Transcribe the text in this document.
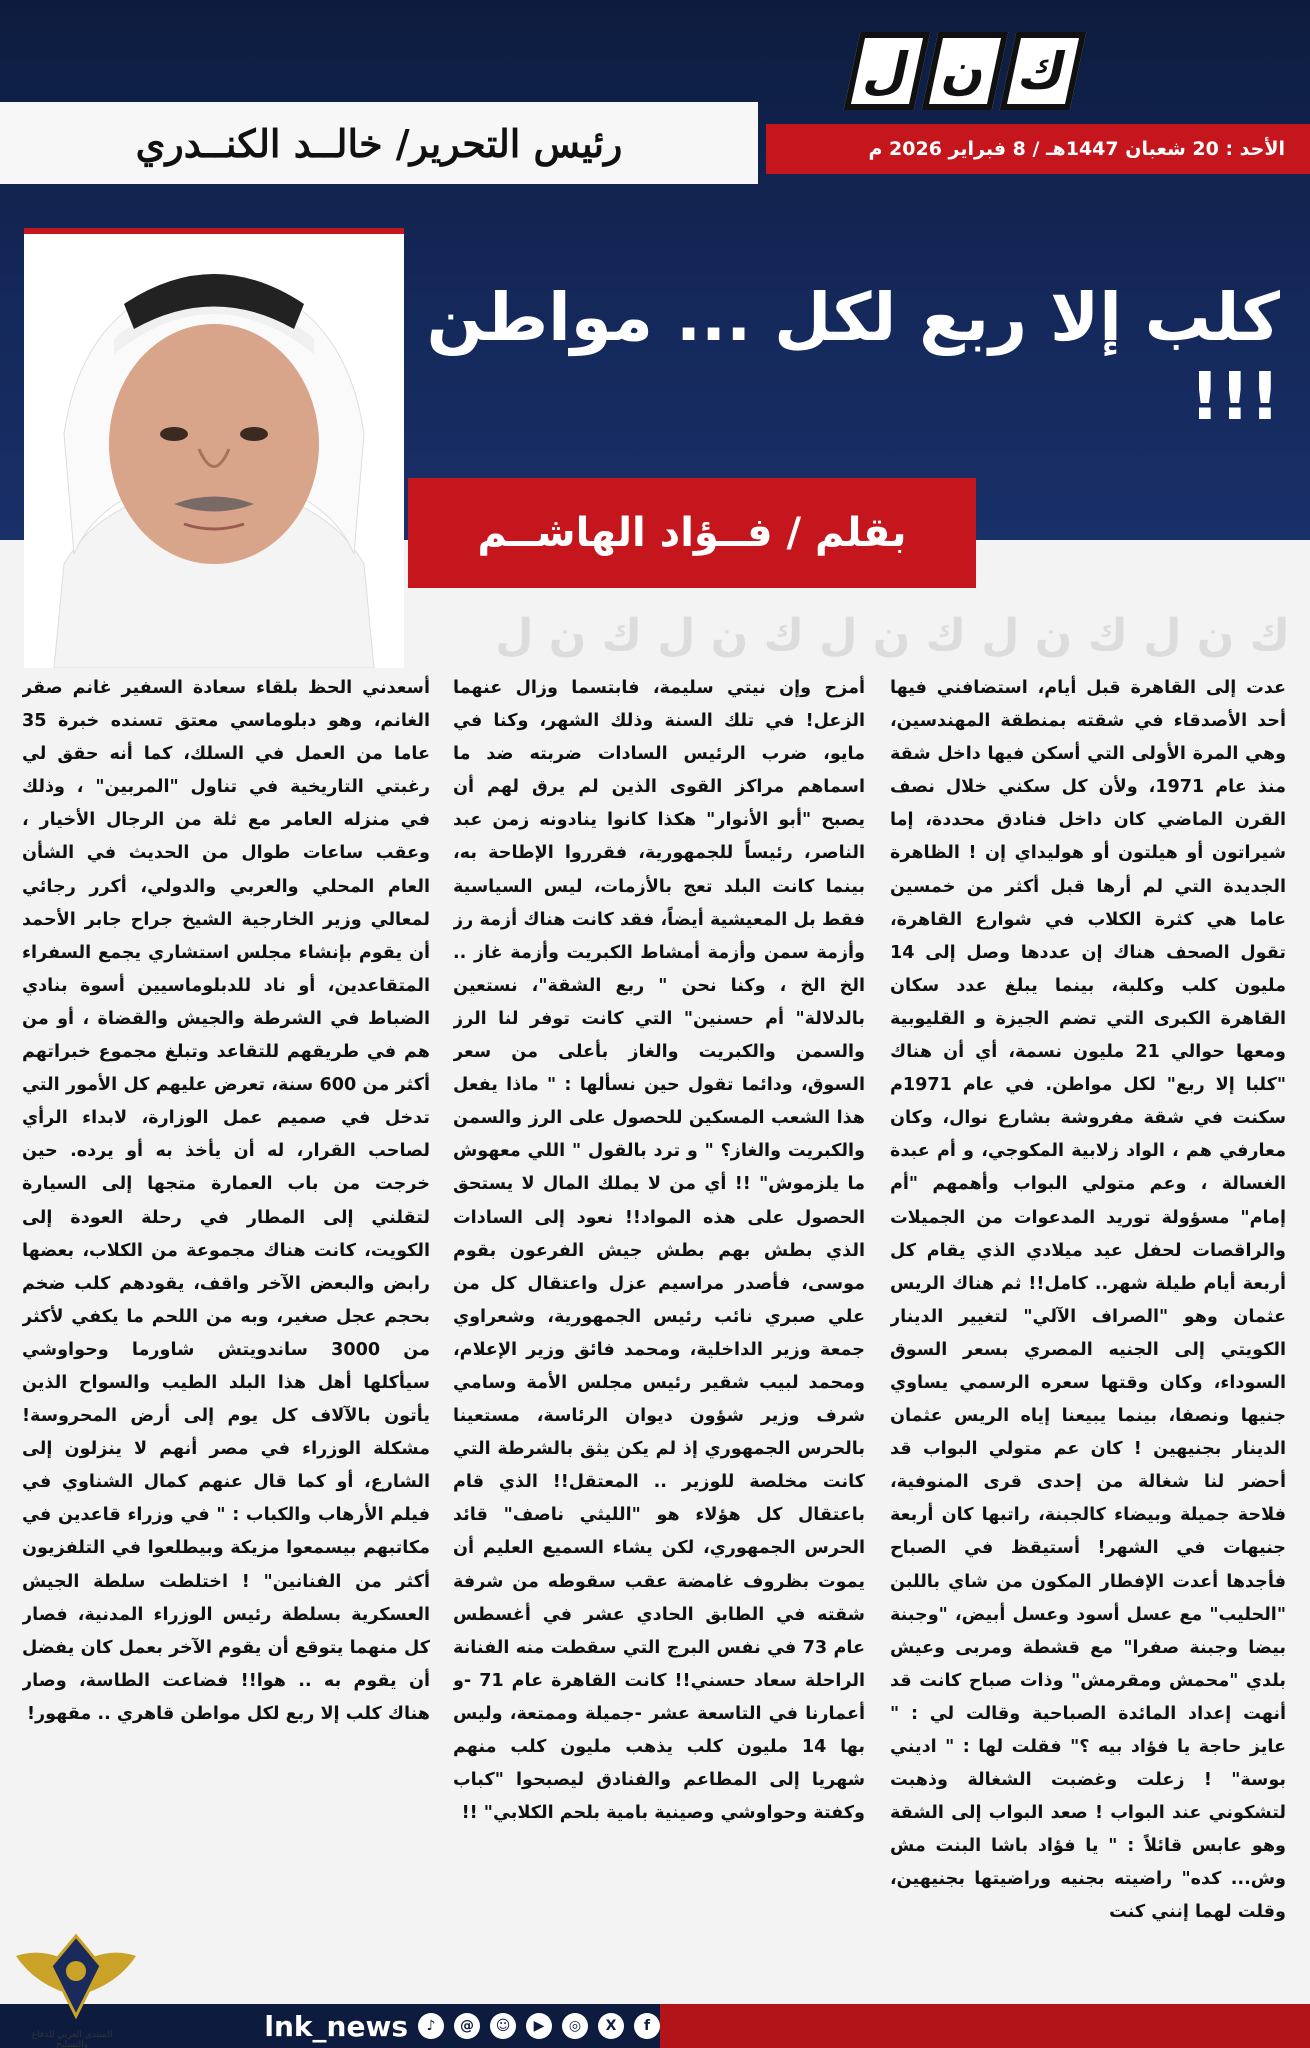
ل ن ك
الأحد : 20 شعبان 1447هـ / 8 فبراير 2026 م
رئيس التحرير/ خالــد الكنــدري
كلب إلا ربع لكل ... مواطن !!!
بقلم / فــؤاد الهاشــم
ك ن ل ك ن ل ك ن ل ك ن ل ك ن ل

عدت إلى القاهرة قبل أيام، استضافني فيها أحد الأصدقاء في شقته بمنطقة المهندسين، وهي المرة الأولى التي أسكن فيها داخل شقة منذ عام 1971، ولأن كل سكني خلال نصف القرن الماضي كان داخل فنادق محددة، إما شيراتون أو هيلتون أو هوليداي إن ! الظاهرة الجديدة التي لم أرها قبل أكثر من خمسين عاما هي كثرة الكلاب في شوارع القاهرة، تقول الصحف هناك إن عددها وصل إلى 14 مليون كلب وكلبة، بينما يبلغ عدد سكان القاهرة الكبرى التي تضم الجيزة و القليوبية ومعها حوالي 21 مليون نسمة، أي أن هناك "كلبا إلا ربع" لكل مواطن. في عام 1971م سكنت في شقة مفروشة بشارع نوال، وكان معارفي هم ، الواد زلابية المكوجي، و أم عبدة الغسالة ، وعم متولي البواب وأهمهم "أم إمام" مسؤولة توريد المدعوات من الجميلات والراقصات لحفل عيد ميلادي الذي يقام كل أربعة أيام طيلة شهر.. كامل!! ثم هناك الريس عثمان وهو "الصراف الآلي" لتغيير الدينار الكويتي إلى الجنيه المصري بسعر السوق السوداء، وكان وقتها سعره الرسمي يساوي جنيها ونصفا، بينما يبيعنا إياه الريس عثمان الدينار بجنيهين ! كان عم متولي البواب قد أحضر لنا شغالة من إحدى قرى المنوفية، فلاحة جميلة وبيضاء كالجبنة، راتبها كان أربعة جنيهات في الشهر! أستيقظ في الصباح فأجدها أعدت الإفطار المكون من شاي باللبن "الحليب" مع عسل أسود وعسل أبيض، "وجبنة بيضا وجبنة صفرا" مع قشطة ومربى وعيش بلدي "محمش ومقرمش" وذات صباح كانت قد أنهت إعداد المائدة الصباحية وقالت لي : " عايز حاجة يا فؤاد بيه ؟" فقلت لها : " اديني بوسة" ! زعلت وغضبت الشغالة وذهبت لتشكوني عند البواب ! صعد البواب إلى الشقة وهو عابس قائلاً : " يا فؤاد باشا البنت مش وش... كده" راضيته بجنيه وراضيتها بجنيهين، وقلت لهما إنني كنت

أمزح وإن نيتي سليمة، فابتسما وزال عنهما الزعل! في تلك السنة وذلك الشهر، وكنا في مايو، ضرب الرئيس السادات ضربته ضد ما اسماهم مراكز القوى الذين لم يرق لهم أن يصبح "أبو الأنوار" هكذا كانوا ينادونه زمن عبد الناصر، رئيساً للجمهورية، فقرروا الإطاحة به، بينما كانت البلد تعج بالأزمات، ليس السياسية فقط بل المعيشية أيضاً، فقد كانت هناك أزمة رز وأزمة سمن وأزمة أمشاط الكبريت وأزمة غاز .. الخ الخ ، وكنا نحن " ربع الشقة"، نستعين بالدلالة" أم حسنين" التي كانت توفر لنا الرز والسمن والكبريت والغاز بأعلى من سعر السوق، ودائما تقول حين نسألها : " ماذا يفعل هذا الشعب المسكين للحصول على الرز والسمن والكبريت والغاز؟ " و ترد بالقول " اللي معهوش ما يلزموش" !! أي من لا يملك المال لا يستحق الحصول على هذه المواد!! نعود إلى السادات الذي بطش بهم بطش جيش الفرعون بقوم موسى، فأصدر مراسيم عزل واعتقال كل من علي صبري نائب رئيس الجمهورية، وشعراوي جمعة وزير الداخلية، ومحمد فائق وزير الإعلام، ومحمد لبيب شقير رئيس مجلس الأمة وسامي شرف وزير شؤون ديوان الرئاسة، مستعينا بالحرس الجمهوري إذ لم يكن يثق بالشرطة التي كانت مخلصة للوزير .. المعتقل!! الذي قام باعتقال كل هؤلاء هو "الليثي ناصف" قائد الحرس الجمهوري، لكن يشاء السميع العليم أن يموت بظروف غامضة عقب سقوطه من شرفة شقته في الطابق الحادي عشر في أغسطس عام 73 في نفس البرج التي سقطت منه الفنانة الراحلة سعاد حسني!! كانت القاهرة عام 71 -و أعمارنا في التاسعة عشر -جميلة وممتعة، وليس بها 14 مليون كلب يذهب مليون كلب منهم شهريا إلى المطاعم والفنادق ليصبحوا "كباب وكفتة وحواوشي وصينية بامية بلحم الكلابي" !!

أسعدني الحظ بلقاء سعادة السفير غانم صقر الغانم، وهو دبلوماسي معتق تسنده خبرة 35 عاما من العمل في السلك، كما أنه حقق لي رغبتي التاريخية في تناول "المربين" ، وذلك في منزله العامر مع ثلة من الرجال الأخيار ، وعقب ساعات طوال من الحديث في الشأن العام المحلي والعربي والدولي، أكرر رجائي لمعالي وزير الخارجية الشيخ جراح جابر الأحمد أن يقوم بإنشاء مجلس استشاري يجمع السفراء المتقاعدين، أو ناد للدبلوماسيين أسوة بنادي الضباط في الشرطة والجيش والقضاة ، أو من هم في طريقهم للتقاعد وتبلغ مجموع خبراتهم أكثر من 600 سنة، تعرض عليهم كل الأمور التي تدخل في صميم عمل الوزارة، لابداء الرأي لصاحب القرار، له أن يأخذ به أو يرده. حين خرجت من باب العمارة متجها إلى السيارة لتقلني إلى المطار في رحلة العودة إلى الكويت، كانت هناك مجموعة من الكلاب، بعضها رابض والبعض الآخر واقف، يقودهم كلب ضخم بحجم عجل صغير، وبه من اللحم ما يكفي لأكثر من 3000 ساندويتش شاورما وحواوشي سيأكلها أهل هذا البلد الطيب والسواح الذين يأتون بالآلاف كل يوم إلى أرض المحروسة! مشكلة الوزراء في مصر أنهم لا ينزلون إلى الشارع، أو كما قال عنهم كمال الشناوي في فيلم الأرهاب والكباب : " في وزراء قاعدين في مكاتبهم بيسمعوا مزيكة وبيطلعوا في التلفزيون أكثر من الفنانين" ! اختلطت سلطة الجيش العسكرية بسلطة رئيس الوزراء المدنية، فصار كل منهما يتوقع أن يقوم الآخر بعمل كان يفضل أن يقوم به .. هوا!! فضاعت الطاسة، وصار هناك كلب إلا ربع لكل مواطن قاهري .. مقهور!

f
X
◎
▶
☺
@
♪
lnk_news
المنتدى العربي للدفاع والتسليح
